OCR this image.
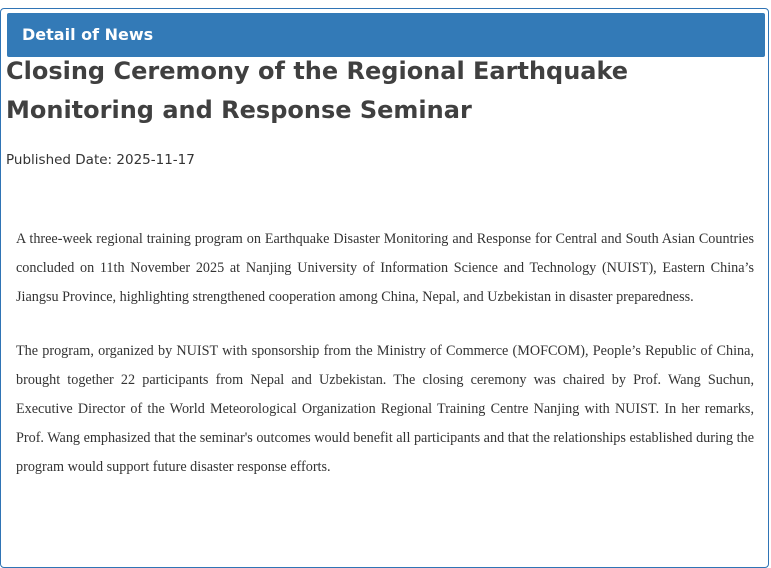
Detail of News
Closing Ceremony of the Regional Earthquake Monitoring and Response Seminar
Published Date: 2025-11-17

A three-week regional training program on Earthquake Disaster Monitoring and Response for Central and South Asian Countries concluded on 11th November 2025 at Nanjing University of Information Science and Technology (NUIST), Eastern China’s Jiangsu Province, highlighting strengthened cooperation among China, Nepal, and Uzbekistan in disaster preparedness.

The program, organized by NUIST with sponsorship from the Ministry of Commerce (MOFCOM), People’s Republic of China, brought together 22 participants from Nepal and Uzbekistan. The closing ceremony was chaired by Prof. Wang Suchun, Executive Director of the World Meteorological Organization Regional Training Centre Nanjing with NUIST. In her remarks, Prof. Wang emphasized that the seminar's outcomes would benefit all participants and that the relationships established during the program would support future disaster response efforts.
